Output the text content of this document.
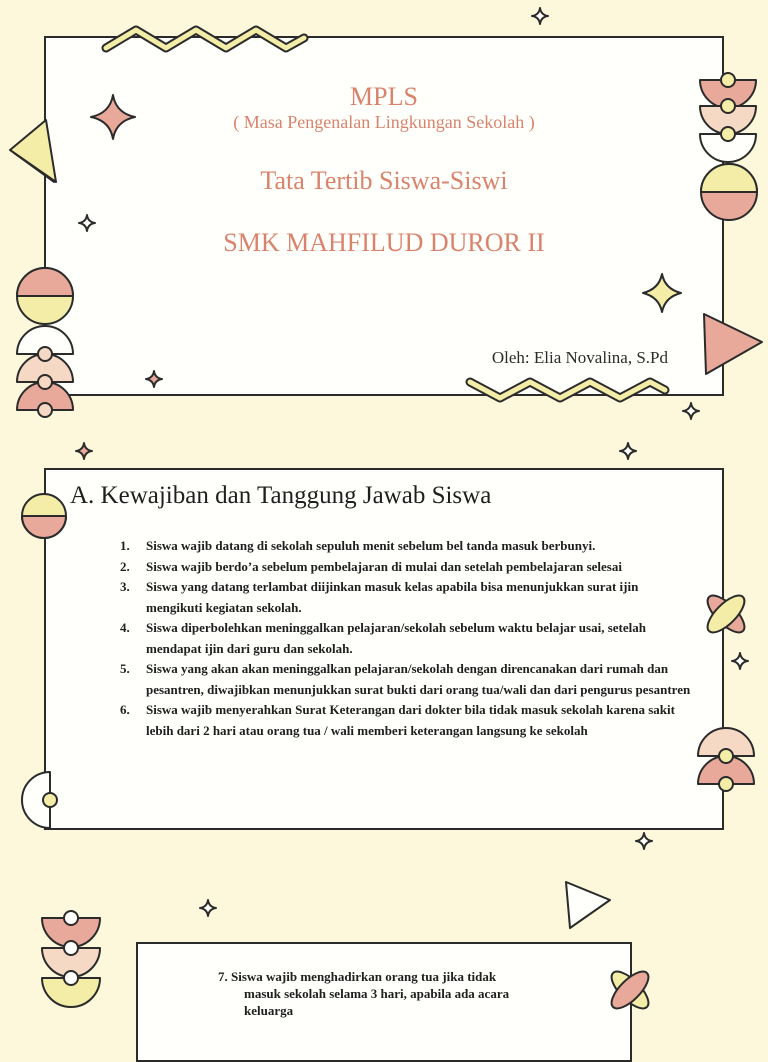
MPLS
( Masa Pengenalan Lingkungan Sekolah )
Tata Tertib Siswa-Siswi
SMK MAHFILUD DUROR II
Oleh: Elia Novalina, S.Pd
A. Kewajiban dan Tanggung Jawab Siswa
1. Siswa wajib datang di sekolah sepuluh menit sebelum bel tanda masuk berbunyi.
2. Siswa wajib berdo’a sebelum pembelajaran di mulai dan setelah pembelajaran selesai
3. Siswa yang datang terlambat diijinkan masuk kelas apabila bisa menunjukkan surat ijin mengikuti kegiatan sekolah.
4. Siswa diperbolehkan meninggalkan pelajaran/sekolah sebelum waktu belajar usai, setelah mendapat ijin dari guru dan sekolah.
5. Siswa yang akan akan meninggalkan pelajaran/sekolah dengan direncanakan dari rumah dan pesantren, diwajibkan menunjukkan surat bukti dari orang tua/wali dan dari pengurus pesantren
6. Siswa wajib menyerahkan Surat Keterangan dari dokter bila tidak masuk sekolah karena sakit lebih dari 2 hari atau orang tua / wali memberi keterangan langsung ke sekolah
7. Siswa wajib menghadirkan orang tua jika tidak
masuk sekolah selama 3 hari, apabila ada acara keluarga
